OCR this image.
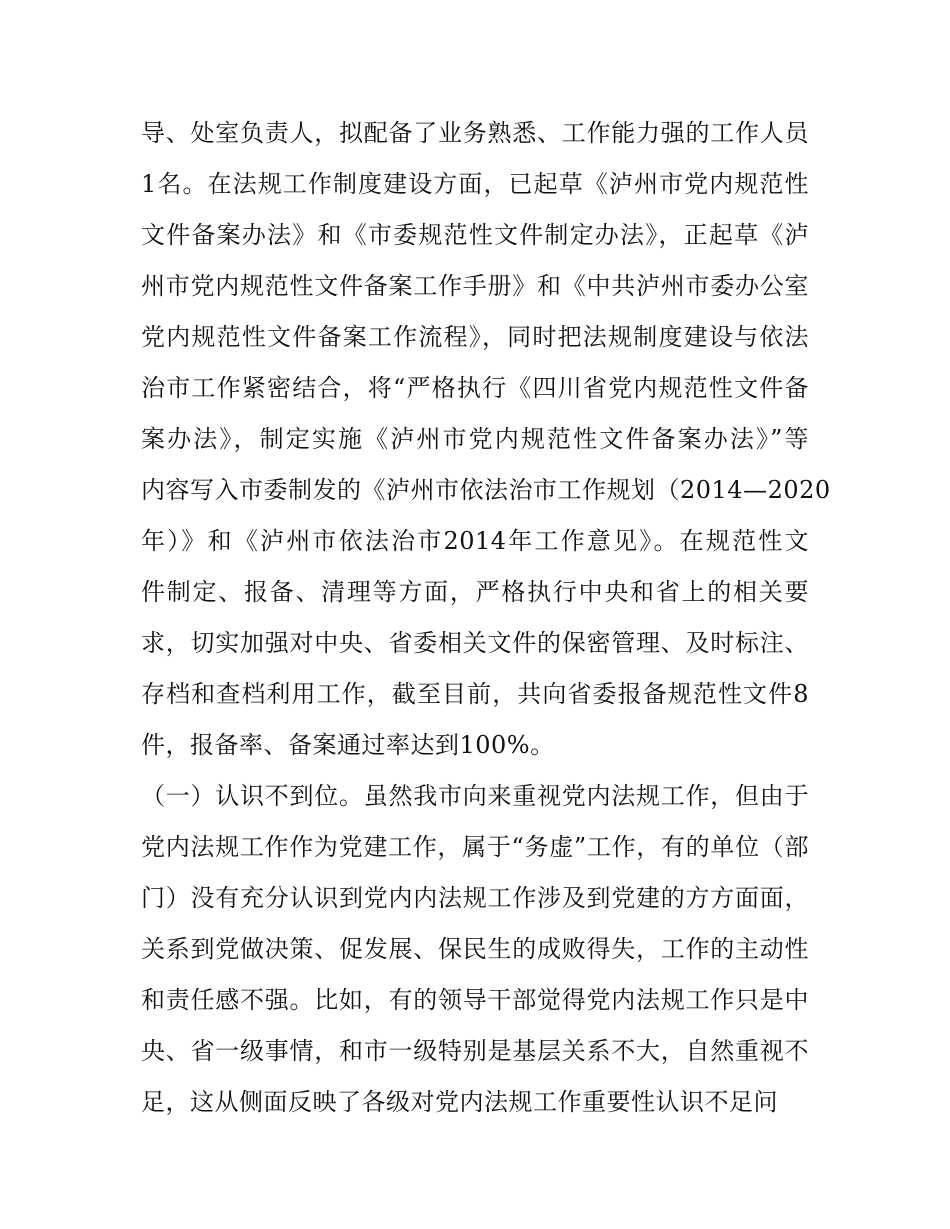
导、处室负责人，拟配备了业务熟悉、工作能力强的工作人员
1名。在法规工作制度建设方面，已起草《泸州市党内规范性
文件备案办法》和《市委规范性文件制定办法》，正起草《泸
州市党内规范性文件备案工作手册》和《中共泸州市委办公室
党内规范性文件备案工作流程》，同时把法规制度建设与依法
治市工作紧密结合，将“严格执行《四川省党内规范性文件备
案办法》，制定实施《泸州市党内规范性文件备案办法》”等
内容写入市委制发的《泸州市依法治市工作规划（2014—2020
年）》和《泸州市依法治市2014年工作意见》。在规范性文
件制定、报备、清理等方面，严格执行中央和省上的相关要
求，切实加强对中央、省委相关文件的保密管理、及时标注、
存档和查档利用工作，截至目前，共向省委报备规范性文件8
件，报备率、备案通过率达到100%。
（一）认识不到位。虽然我市向来重视党内法规工作，但由于
党内法规工作作为党建工作，属于“务虚”工作，有的单位（部
门）没有充分认识到党内内法规工作涉及到党建的方方面面，
关系到党做决策、促发展、保民生的成败得失，工作的主动性
和责任感不强。比如，有的领导干部觉得党内法规工作只是中
央、省一级事情，和市一级特别是基层关系不大，自然重视不
足，这从侧面反映了各级对党内法规工作重要性认识不足问
